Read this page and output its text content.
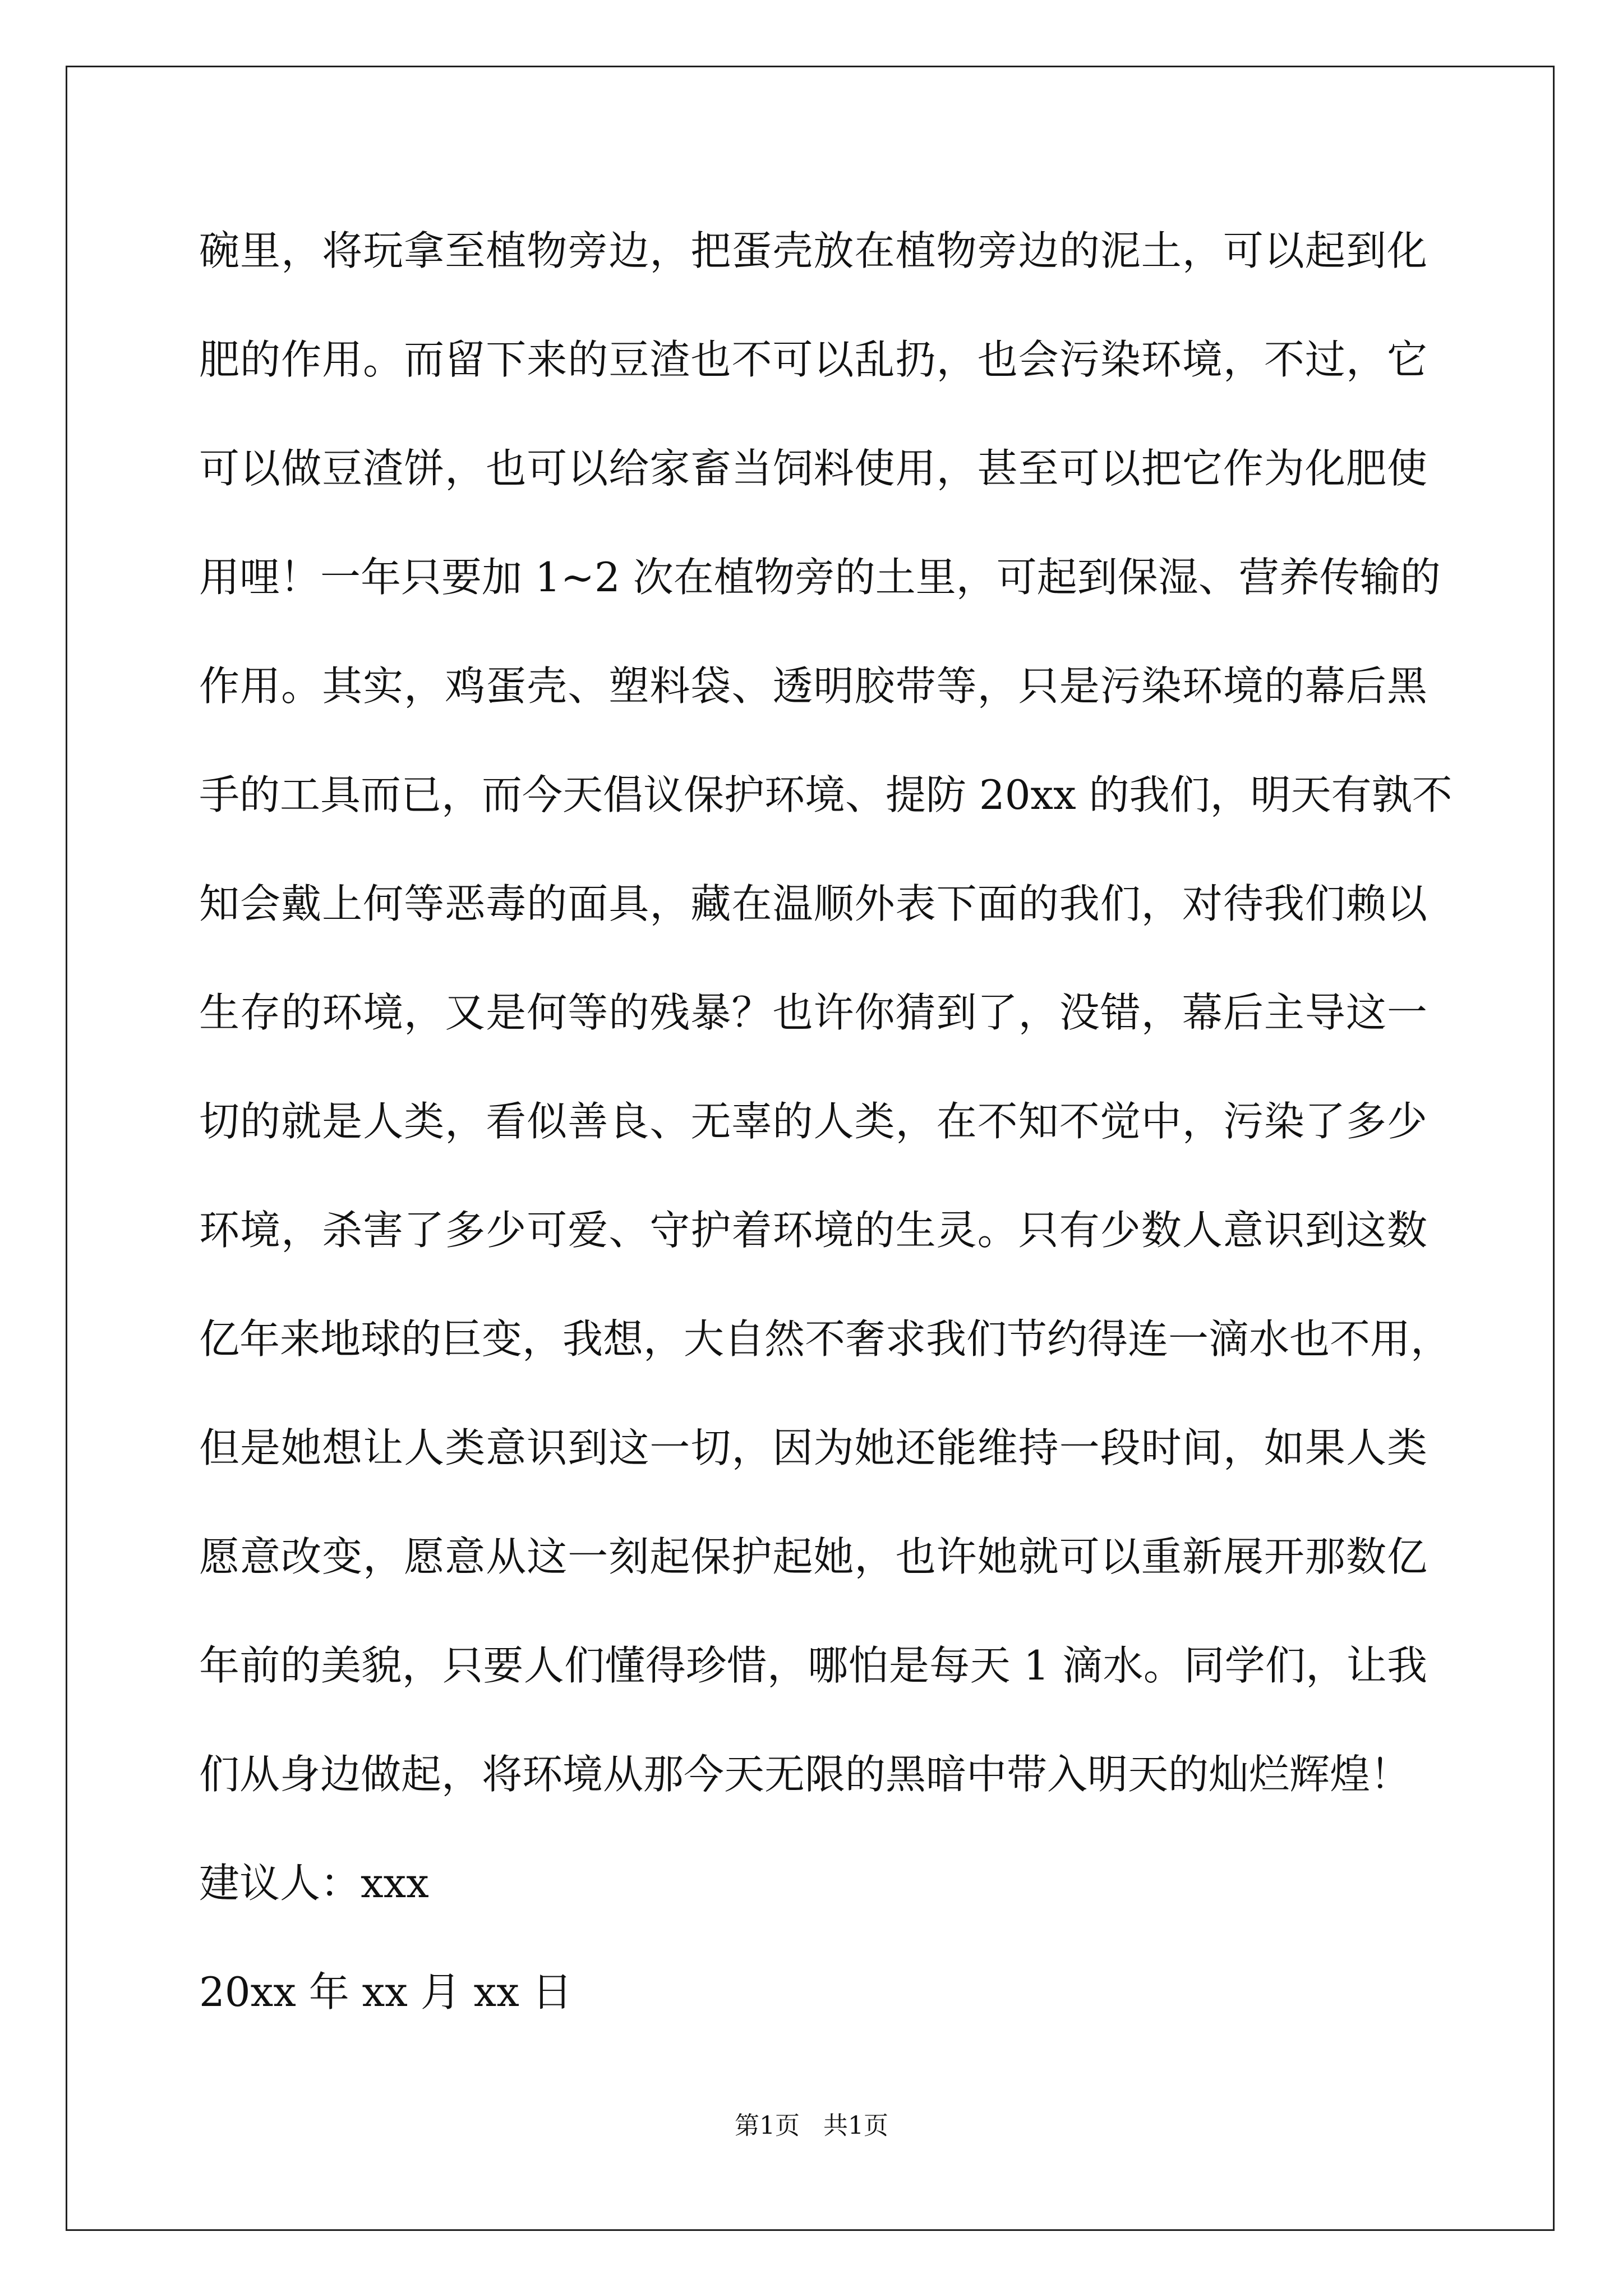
碗里，将玩拿至植物旁边，把蛋壳放在植物旁边的泥土，可以起到化
肥的作用。而留下来的豆渣也不可以乱扔，也会污染环境，不过，它
可以做豆渣饼，也可以给家畜当饲料使用，甚至可以把它作为化肥使
用哩！一年只要加 1~2 次在植物旁的土里，可起到保湿、营养传输的
作用。其实，鸡蛋壳、塑料袋、透明胶带等，只是污染环境的幕后黑
手的工具而已，而今天倡议保护环境、提防 20xx 的我们，明天有孰不
知会戴上何等恶毒的面具，藏在温顺外表下面的我们，对待我们赖以
生存的环境，又是何等的残暴？也许你猜到了，没错，幕后主导这一
切的就是人类，看似善良、无辜的人类，在不知不觉中，污染了多少
环境，杀害了多少可爱、守护着环境的生灵。只有少数人意识到这数
亿年来地球的巨变，我想，大自然不奢求我们节约得连一滴水也不用，
但是她想让人类意识到这一切，因为她还能维持一段时间，如果人类
愿意改变，愿意从这一刻起保护起她，也许她就可以重新展开那数亿
年前的美貌，只要人们懂得珍惜，哪怕是每天 1 滴水。同学们，让我
们从身边做起，将环境从那今天无限的黑暗中带入明天的灿烂辉煌！
建议人：xxx
20xx 年 xx 月 xx 日
第1页 共1页
